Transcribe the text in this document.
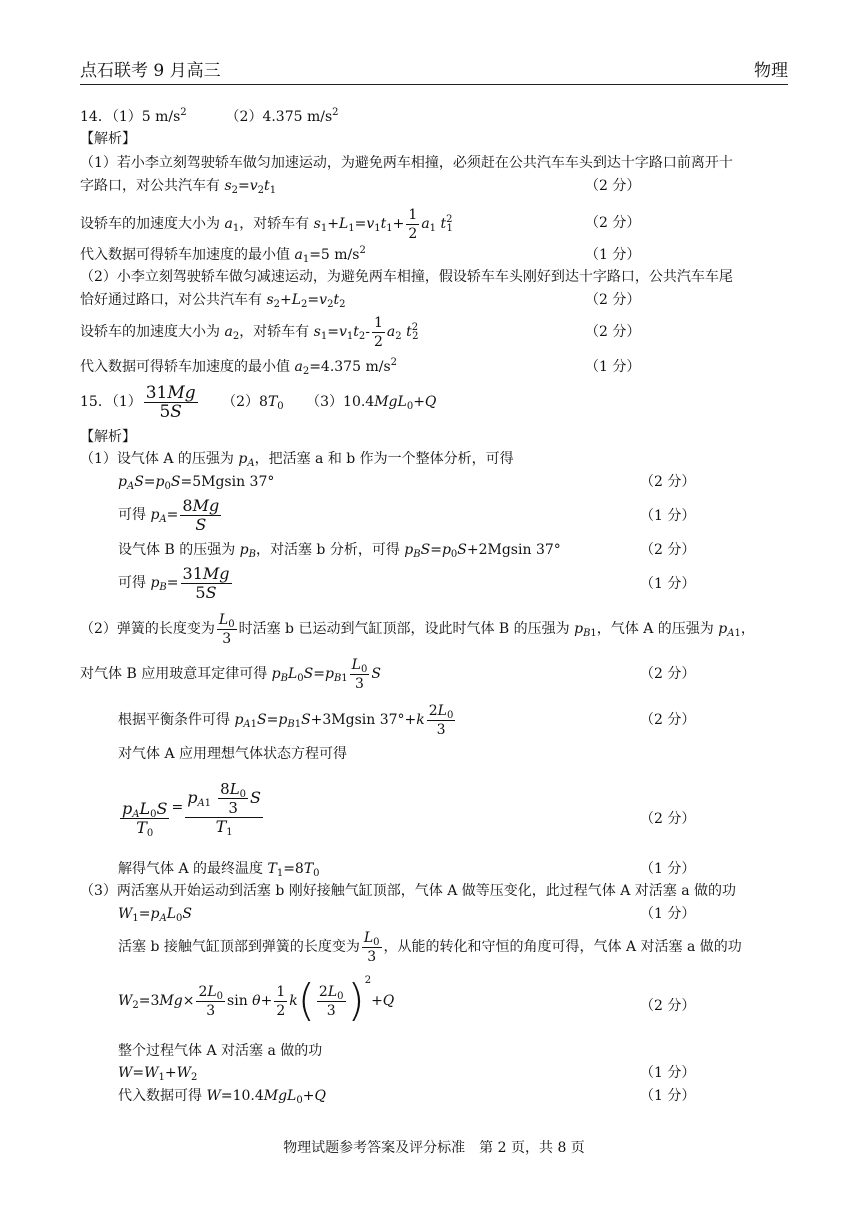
点石联考 9 月高三	物理
14．（1）5 $m/s^2$	（2）4.375 $m/s^2$
【解析】
（1）若小李立刻驾驶轿车做匀加速运动，为避免两车相撞，必须赶在公共汽车车头到达十字路口前离开十
字路口，对公共汽车有 $s_2=v_2t_1$	（2 分）
设轿车的加速度大小为 $a_1$，对轿车有 $s_1+L_1=v_1t_1+ \frac{1}{2} a_1$ $t^2_1$	（2 分）
代入数据可得轿车加速度的最小值 $a_1=5$ $m/s^2$	（1 分）
（2）小李立刻驾驶轿车做匀减速运动，为避免两车相撞，假设轿车车头刚好到达十字路口，公共汽车车尾
恰好通过路口，对公共汽车有 $s_2+L_2=v_2t_2$	（2 分）
设轿车的加速度大小为 $a_2$，对轿车有 $s_1=v_1t_2- \frac{1}{2} a_2$ $t^2_2$	（2 分）
代入数据可得轿车加速度的最小值 $a_2=4.375$ $m/s^2$	（1 分）
15．$(1) \frac{31Mg}{5S} (2)8T_0$ （3）10.4MgL$_0$+Q
【解析】
（1）设气体 A 的压强为 $p_A$，把活塞 a 和 b 作为一个整体分析，可得
$p_AS=p_0S=5Mgsin$ 37°	（2 分）
可得 $p_A= \frac{8Mg}{S}$	（1 分）
设气体 B 的压强为 $p_B$，对活塞 b 分析，可得 $p_BS=p_0S+2Mgsin$ 37°	（2 分）
可得 $p_B= \frac{31Mg}{5S}$	（1 分）
（2）弹簧的长度变为 $\frac{L_0}{3}$ 时活塞 b 已运动到气缸顶部，设此时气体 B 的压强为 $p_{B1}$，气体 A 的压强为 $p_{A1}$，
对气体 B 应用玻意耳定律可得 $p_BL_0S=p_{B1} \frac{L_0}{3}$ S	（2 分）
根据平衡条件可得 $p_{A1}S=p_{B1}S+3Mgsin$ $37^\circ+k \frac{2L_0}{3}$	（2 分）
对气体 A 应用理想气体状态方程可得
$\frac{p_AL_0S}{T_0} = \frac{p_{A1} \frac{8L_0}{3} S}{T_1}$	（2 分）
解得气体 A 的最终温度 $T_1=8T_0$	（1 分）
（3）两活塞从开始运动到活塞 b 刚好接触气缸顶部，气体 A 做等压变化，此过程气体 A 对活塞 a 做的功
$W_1=p_AL_0S$	（1 分）
活塞 b 接触气缸顶部到弹簧的长度变为 $\frac{L_0}{3}$ ，从能的转化和守恒的角度可得，气体 A 对活塞 a 做的功
$W_2=3Mg\times \frac{2L_0}{3}$ $\sin \theta+ \frac{1}{2} k( \frac{2L_0}{3} )^2+Q$	（2 分）
整个过程气体 A 对活塞 a 做的功
$W=W_1+W_2$	（1 分）
代入数据可得 W=10.4MgL$_0$+Q	（1 分）
物理试题参考答案及评分标准　第 2 页，共 8 页
